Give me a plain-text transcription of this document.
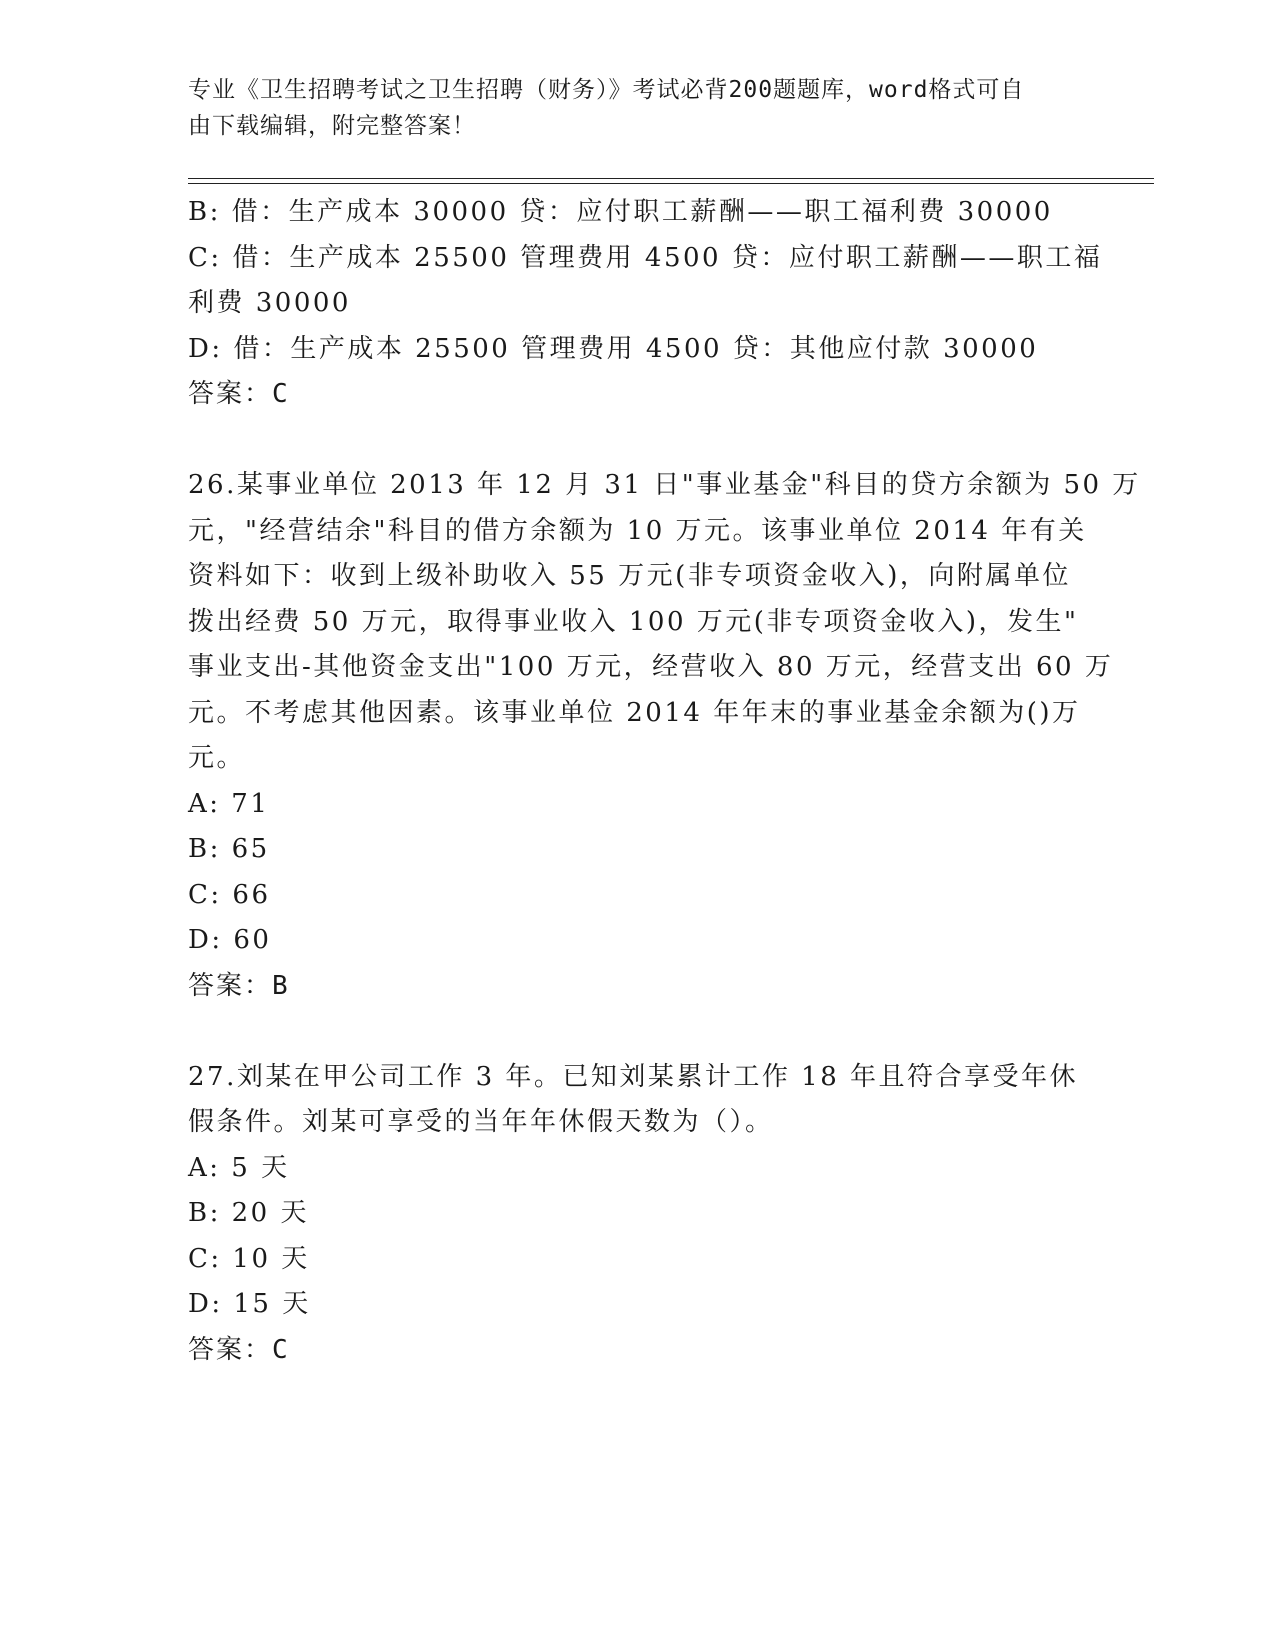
专业《卫生招聘考试之卫生招聘（财务）》考试必背200题题库，word格式可自

由下载编辑，附完整答案！

B: 借：生产成本 30000 贷：应付职工薪酬——职工福利费 30000

C: 借：生产成本 25500 管理费用 4500 贷：应付职工薪酬——职工福

利费 30000

D: 借：生产成本 25500 管理费用 4500 贷：其他应付款 30000

答案：C

26.某事业单位 2013 年 12 月 31 日"事业基金"科目的贷方余额为 50 万

元，"经营结余"科目的借方余额为 10 万元。该事业单位 2014 年有关

资料如下：收到上级补助收入 55 万元(非专项资金收入)，向附属单位

拨出经费 50 万元，取得事业收入 100 万元(非专项资金收入)，发生"

事业支出-其他资金支出"100 万元，经营收入 80 万元，经营支出 60 万

元。不考虑其他因素。该事业单位 2014 年年末的事业基金余额为()万

元。

A: 71

B: 65

C: 66

D: 60

答案：B

27.刘某在甲公司工作 3 年。已知刘某累计工作 18 年且符合享受年休

假条件。刘某可享受的当年年休假天数为（）。

A: 5 天

B: 20 天

C: 10 天

D: 15 天

答案：C
